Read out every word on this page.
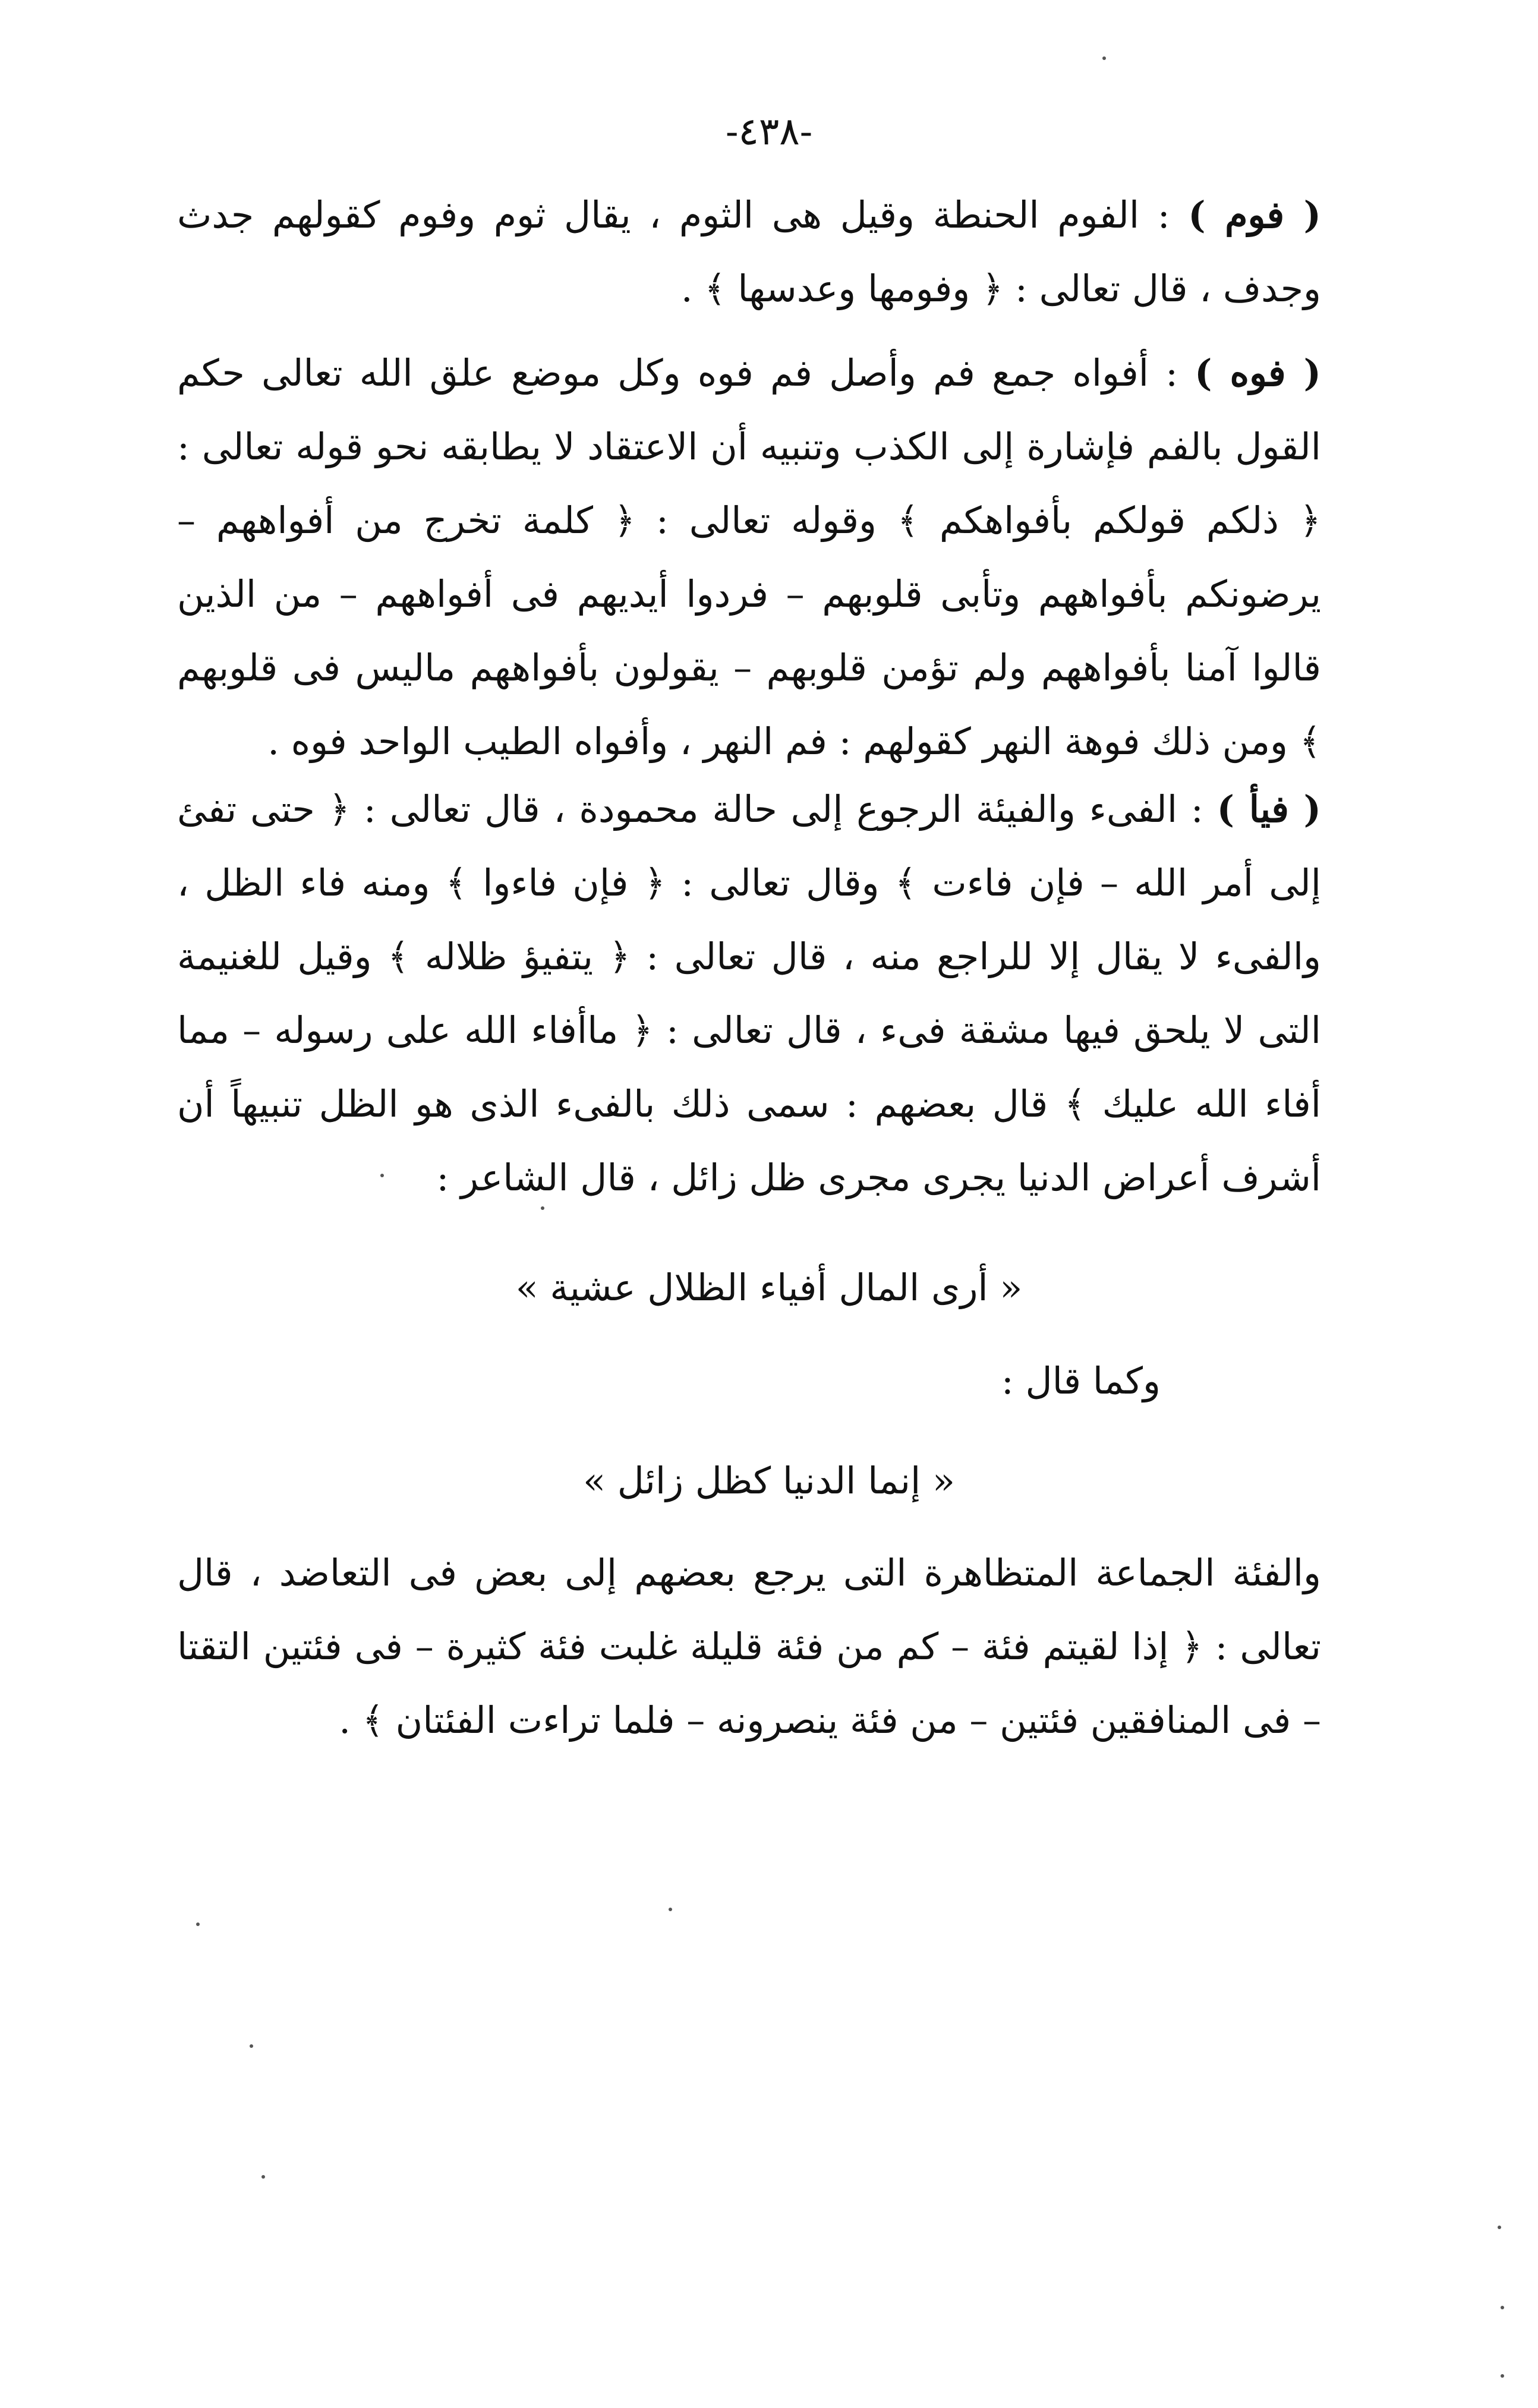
-٤٣٨-

( فوم ) : الفوم الحنطة وقيل هى الثوم ، يقال ثوم وفوم كقولهم جدث وجدف ، قال تعالى : ﴿ وفومها وعدسها ﴾ .

( فوه ) : أفواه جمع فم وأصل فم فوه وكل موضع علق الله تعالى حكم القول بالفم فإشارة إلى الكذب وتنبيه أن الاعتقاد لا يطابقه نحو قوله تعالى : ﴿ ذلكم قولكم بأفواهكم ﴾ وقوله تعالى : ﴿ كلمة تخرج من أفواههم – يرضونكم بأفواههم وتأبى قلوبهم – فردوا أيديهم فى أفواههم – من الذين قالوا آمنا بأفواههم ولم تؤمن قلوبهم – يقولون بأفواههم ماليس فى قلوبهم ﴾ ومن ذلك فوهة النهر كقولهم : فم النهر ، وأفواه الطيب الواحد فوه .

( فيأ ) : الفىء والفيئة الرجوع إلى حالة محمودة ، قال تعالى : ﴿ حتى تفئ إلى أمر الله – فإن فاءت ﴾ وقال تعالى : ﴿ فإن فاءوا ﴾ ومنه فاء الظل ، والفىء لا يقال إلا للراجع منه ، قال تعالى : ﴿ يتفيؤ ظلاله ﴾ وقيل للغنيمة التى لا يلحق فيها مشقة فىء ، قال تعالى : ﴿ ماأفاء الله على رسوله – مما أفاء الله عليك ﴾ قال بعضهم : سمى ذلك بالفىء الذى هو الظل تنبيهاً أن أشرف أعراض الدنيا يجرى مجرى ظل زائل ، قال الشاعر :

« أرى المال أفياء الظلال عشية »
وكما قال :
« إنما الدنيا كظل زائل »

والفئة الجماعة المتظاهرة التى يرجع بعضهم إلى بعض فى التعاضد ، قال تعالى : ﴿ إذا لقيتم فئة – كم من فئة قليلة غلبت فئة كثيرة – فى فئتين التقتا – فى المنافقين فئتين – من فئة ينصرونه – فلما تراءت الفئتان ﴾ .
